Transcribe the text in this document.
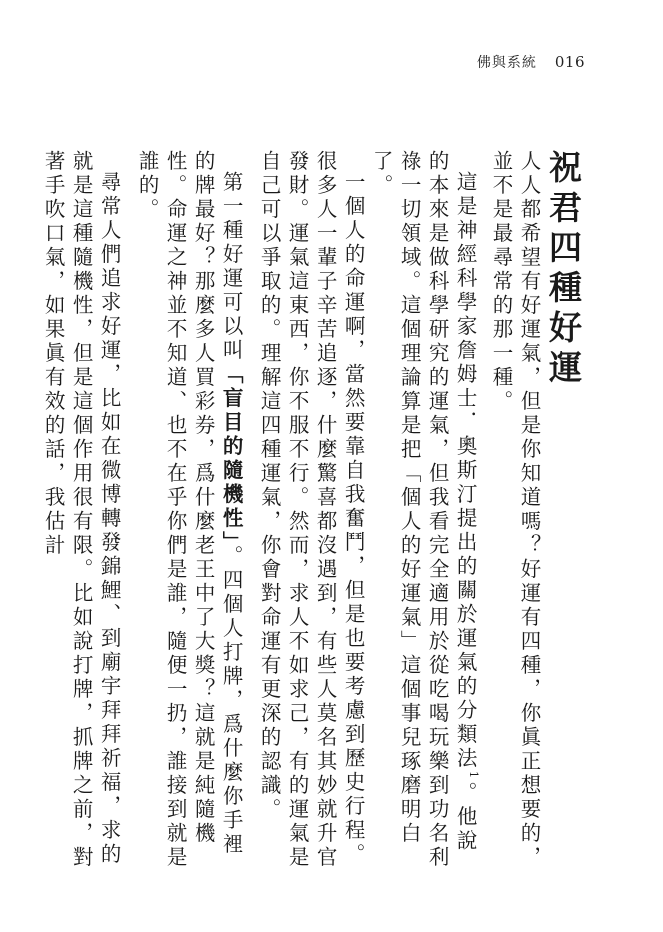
佛與系統 016
祝君四種好運

人人都希望有好運氣，但是你知道嗎？好運有四種，你眞正想要的，並不是最尋常的那一種。

這是神經科學家詹姆士．奧斯汀提出的關於運氣的分類法$^1$。他說的本來是做科學研究的運氣，但我看完全適用於從吃喝玩樂到功名利祿一切領域。這個理論算是把「個人的好運氣」這個事兒琢磨明白了。

一個人的命運啊，當然要靠自我奮鬥，但是也要考慮到歷史行程。很多人一輩子辛苦追逐，什麼驚喜都沒遇到，有些人莫名其妙就升官發財。運氣這東西，你不服不行。然而，求人不如求己，有的運氣是自己可以爭取的。理解這四種運氣，你會對命運有更深的認識。

第一種好運可以叫「盲目的隨機性」。四個人打牌，爲什麼你手裡的牌最好？那麼多人買彩券，爲什麼老王中了大獎？這就是純隨機性。命運之神並不知道、也不在乎你們是誰，隨便一扔，誰接到就是誰的。

尋常人們追求好運，比如在微博轉發錦鯉、到廟宇拜拜祈福，求的就是這種隨機性，但是這個作用很有限。比如說打牌，抓牌之前，對著手吹口氣，如果眞有效的話，我估計
